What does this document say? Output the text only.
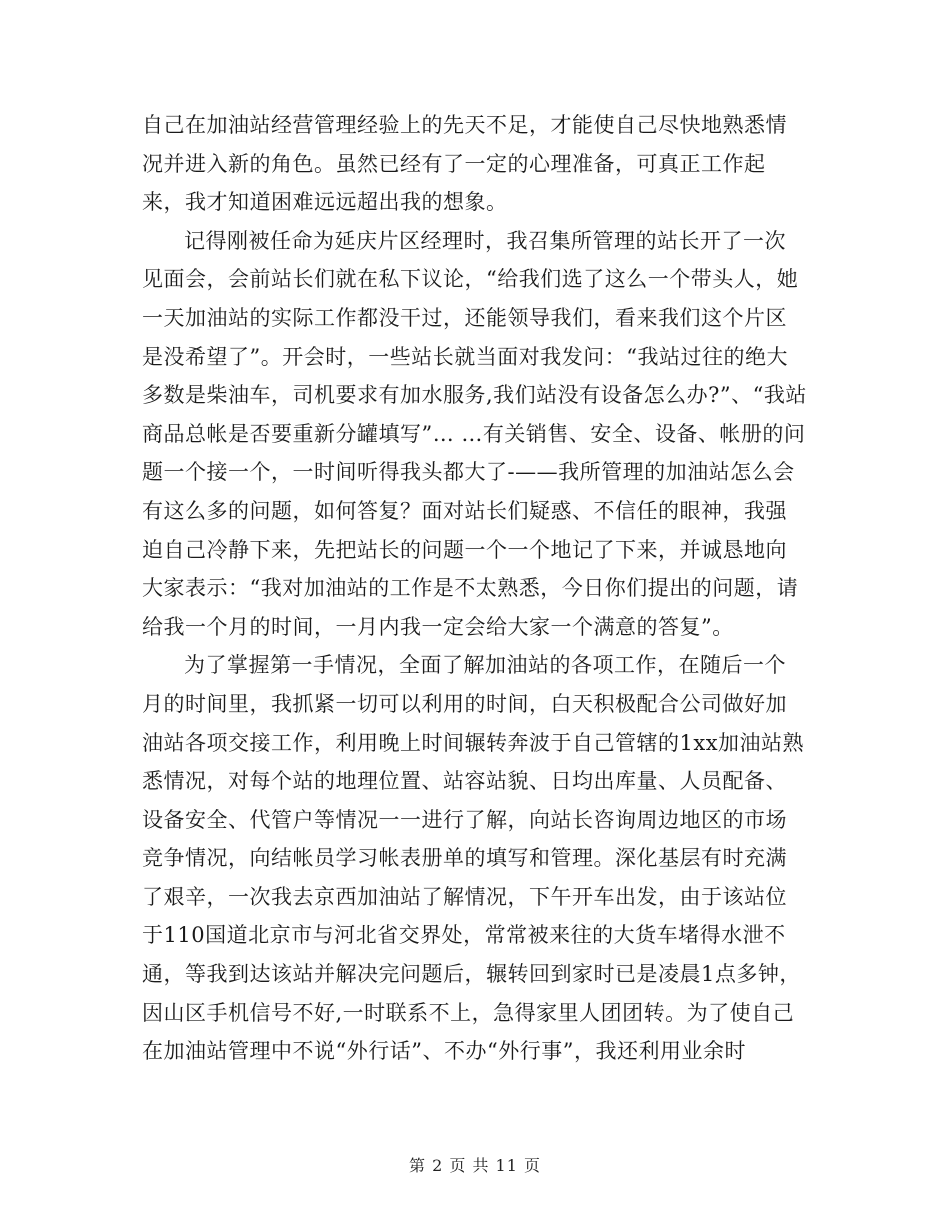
自己在加油站经营管理经验上的先天不足，才能使自己尽快地熟悉情况并进入新的角色。虽然已经有了一定的心理准备，可真正工作起来，我才知道困难远远超出我的想象。

记得刚被任命为延庆片区经理时，我召集所管理的站长开了一次见面会，会前站长们就在私下议论，“给我们选了这么一个带头人，她一天加油站的实际工作都没干过，还能领导我们，看来我们这个片区是没希望了”。开会时，一些站长就当面对我发问：“我站过往的绝大多数是柴油车，司机要求有加水服务,我们站没有设备怎么办?”、“我站商品总帐是否要重新分罐填写”… …有关销售、安全、设备、帐册的问题一个接一个，一时间听得我头都大了-——我所管理的加油站怎么会有这么多的问题，如何答复？面对站长们疑惑、不信任的眼神，我强迫自己冷静下来，先把站长的问题一个一个地记了下来，并诚恳地向大家表示：“我对加油站的工作是不太熟悉，今日你们提出的问题，请给我一个月的时间，一月内我一定会给大家一个满意的答复”。

为了掌握第一手情况，全面了解加油站的各项工作，在随后一个月的时间里，我抓紧一切可以利用的时间，白天积极配合公司做好加油站各项交接工作，利用晚上时间辗转奔波于自己管辖的1xx加油站熟悉情况，对每个站的地理位置、站容站貌、日均出库量、人员配备、设备安全、代管户等情况一一进行了解，向站长咨询周边地区的市场竞争情况，向结帐员学习帐表册单的填写和管理。深化基层有时充满了艰辛，一次我去京西加油站了解情况，下午开车出发，由于该站位于110国道北京市与河北省交界处，常常被来往的大货车堵得水泄不通，等我到达该站并解决完问题后，辗转回到家时已是凌晨1点多钟，因山区手机信号不好,一时联系不上，急得家里人团团转。为了使自己在加油站管理中不说“外行话”、不办“外行事”，我还利用业余时

第 2 页 共 11 页
